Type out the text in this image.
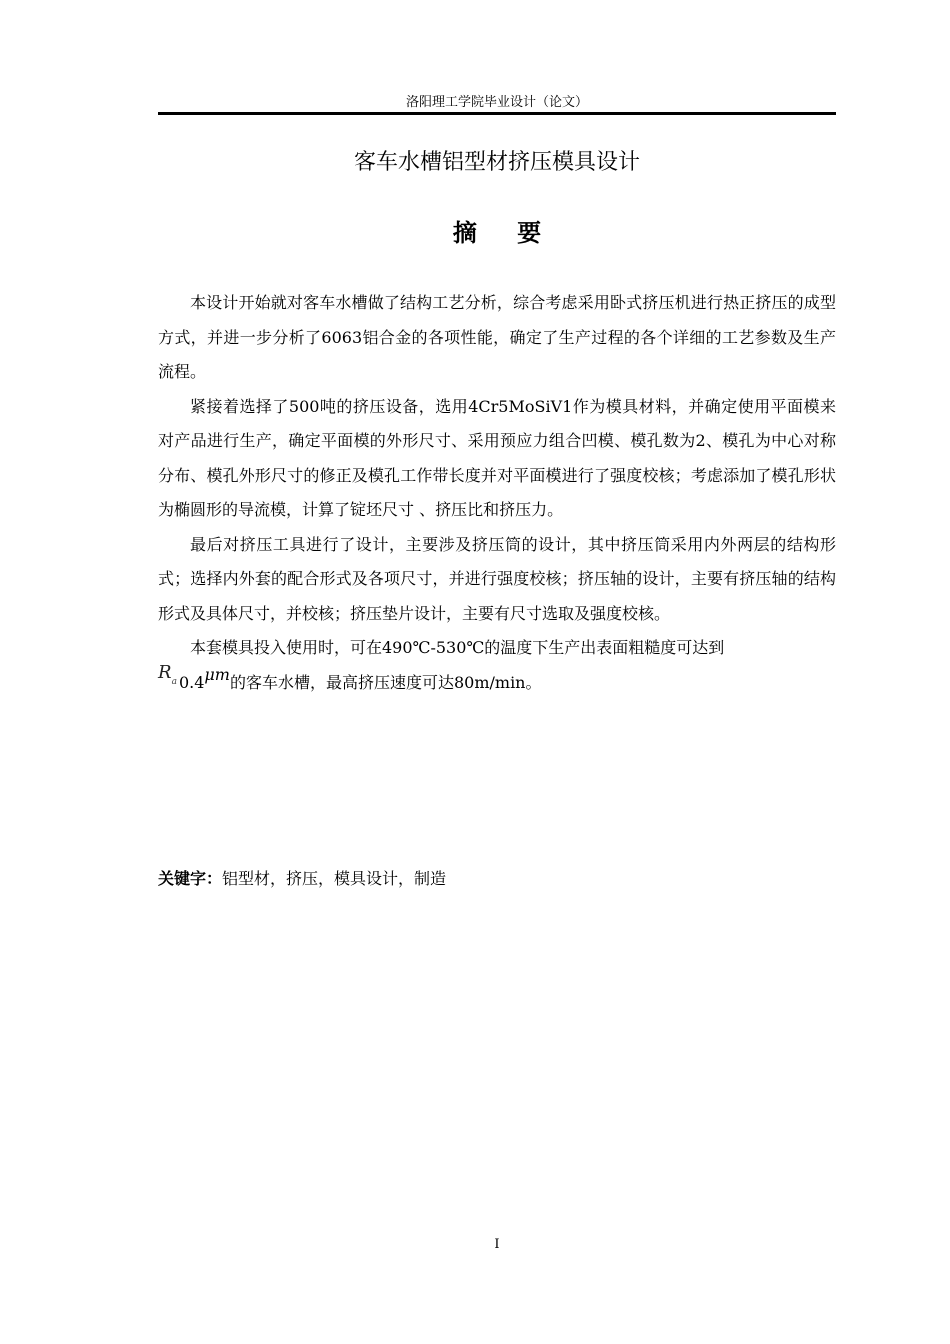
洛阳理工学院毕业设计（论文）
客车水槽铝型材挤压模具设计
摘 要

本设计开始就对客车水槽做了结构工艺分析，综合考虑采用卧式挤压机进行热正挤压的成型方式，并进一步分析了6063铝合金的各项性能，确定了生产过程的各个详细的工艺参数及生产流程。

紧接着选择了500吨的挤压设备，选用4Cr5MoSiV1作为模具材料，并确定使用平面模来对产品进行生产，确定平面模的外形尺寸、采用预应力组合凹模、模孔数为2、模孔为中心对称分布、模孔外形尺寸的修正及模孔工作带长度并对平面模进行了强度校核；考虑添加了模孔形状为椭圆形的导流模，计算了锭坯尺寸 、挤压比和挤压力。

最后对挤压工具进行了设计，主要涉及挤压筒的设计，其中挤压筒采用内外两层的结构形式；选择内外套的配合形式及各项尺寸，并进行强度校核；挤压轴的设计，主要有挤压轴的结构形式及具体尺寸，并校核；挤压垫片设计，主要有尺寸选取及强度校核。

本套模具投入使用时，可在490℃-530℃的温度下生产出表面粗糙度可达到

$R^a$ 0.4μm的客车水槽，最高挤压速度可达80m/min。
关键字：铝型材，挤压，模具设计，制造
I
